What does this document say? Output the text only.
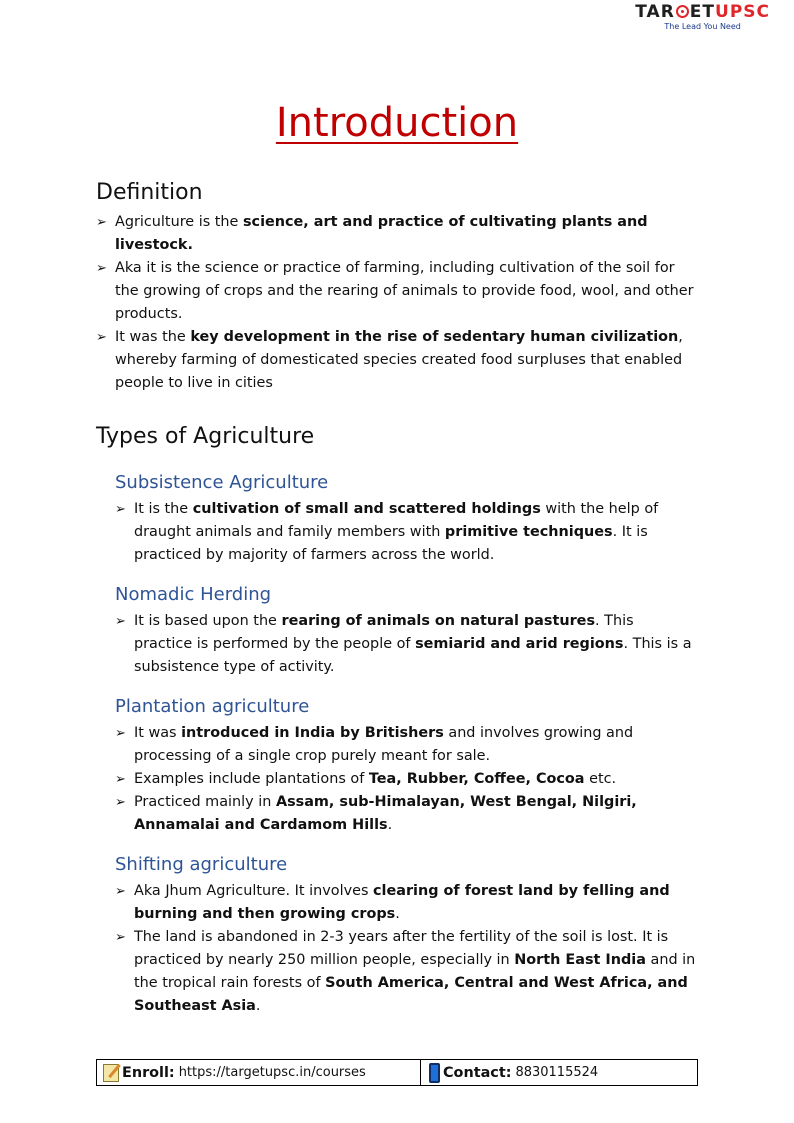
TAR ETUPSC
The Lead You Need
Introduction
Definition
➢ Agriculture is the science, art and practice of cultivating plants and livestock.
➢ Aka it is the science or practice of farming, including cultivation of the soil for the growing of crops and the rearing of animals to provide food, wool, and other products.
➢ It was the key development in the rise of sedentary human civilization, whereby farming of domesticated species created food surpluses that enabled people to live in cities
Types of Agriculture
Subsistence Agriculture
➢ It is the cultivation of small and scattered holdings with the help of draught animals and family members with primitive techniques. It is practiced by majority of farmers across the world.
Nomadic Herding
➢ It is based upon the rearing of animals on natural pastures. This practice is performed by the people of semiarid and arid regions. This is a subsistence type of activity.
Plantation agriculture
➢ It was introduced in India by Britishers and involves growing and processing of a single crop purely meant for sale.
➢ Examples include plantations of Tea, Rubber, Coffee, Cocoa etc.
➢ Practiced mainly in Assam, sub-Himalayan, West Bengal, Nilgiri, Annamalai and Cardamom Hills.
Shifting agriculture
➢ Aka Jhum Agriculture. It involves clearing of forest land by felling and burning and then growing crops.
➢ The land is abandoned in 2-3 years after the fertility of the soil is lost. It is practiced by nearly 250 million people, especially in North East India and in the tropical rain forests of South America, Central and West Africa, and Southeast Asia.
Enroll: https://targetupsc.in/courses	Contact: 8830115524
